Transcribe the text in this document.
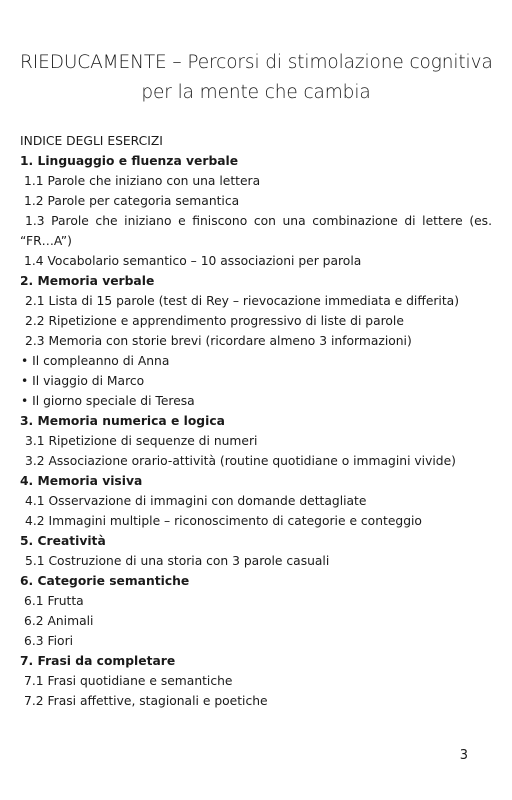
RIEDUCAMENTE – Percorsi di stimolazione cognitiva
per la mente che cambia
INDICE DEGLI ESERCIZI
1. Linguaggio e fluenza verbale
1.1 Parole che iniziano con una lettera
1.2 Parole per categoria semantica
1.3 Parole che iniziano e finiscono con una combinazione di lettere (es.
“FR…A”)
1.4 Vocabolario semantico – 10 associazioni per parola
2. Memoria verbale
2.1 Lista di 15 parole (test di Rey – rievocazione immediata e differita)
2.2 Ripetizione e apprendimento progressivo di liste di parole
2.3 Memoria con storie brevi (ricordare almeno 3 informazioni)
• Il compleanno di Anna
• Il viaggio di Marco
• Il giorno speciale di Teresa
3. Memoria numerica e logica
3.1 Ripetizione di sequenze di numeri
3.2 Associazione orario-attività (routine quotidiane o immagini vivide)
4. Memoria visiva
4.1 Osservazione di immagini con domande dettagliate
4.2 Immagini multiple – riconoscimento di categorie e conteggio
5. Creatività
5.1 Costruzione di una storia con 3 parole casuali
6. Categorie semantiche
6.1 Frutta
6.2 Animali
6.3 Fiori
7. Frasi da completare
7.1 Frasi quotidiane e semantiche
7.2 Frasi affettive, stagionali e poetiche
3
